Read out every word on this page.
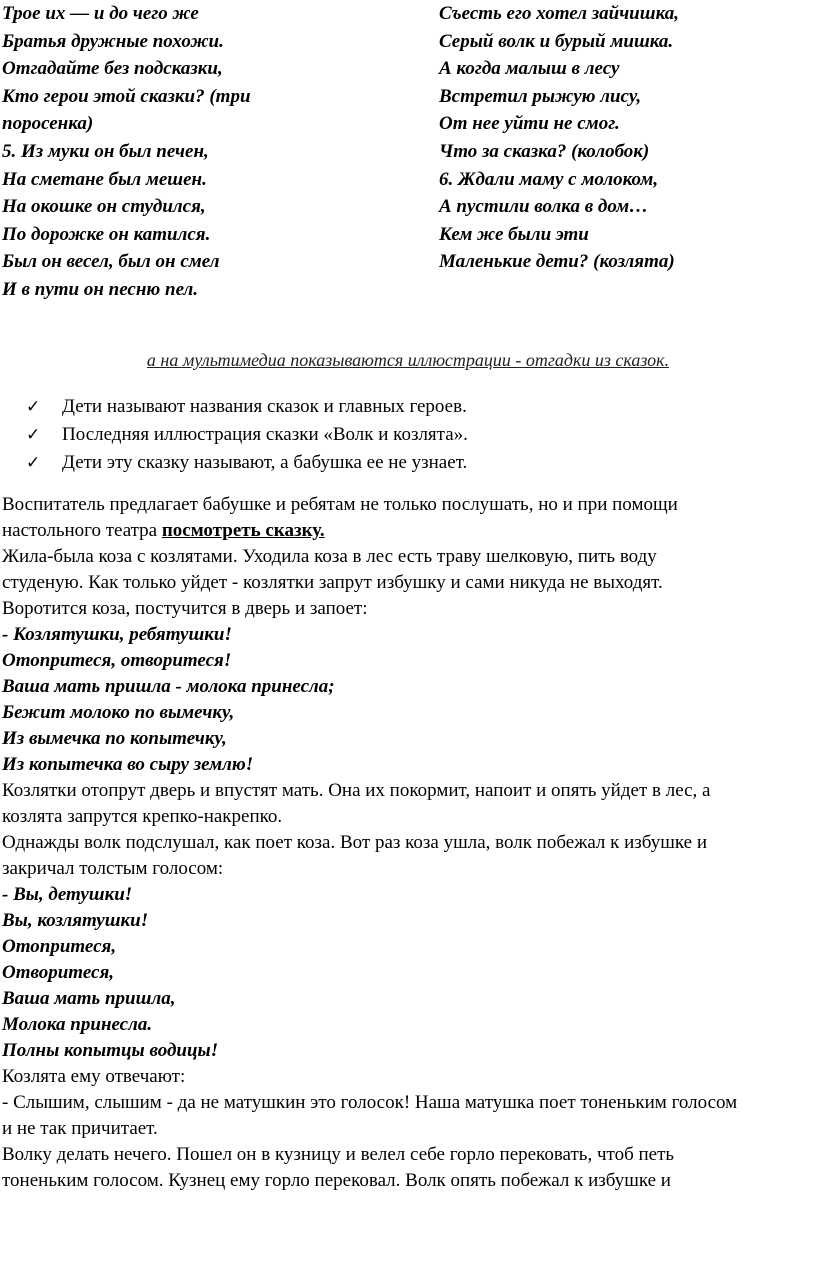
Трое их — и до чего же
Братья дружные похожи.
Отгадайте без подсказки,
Кто герои этой сказки? (три
поросенка)
5. Из муки он был печен,
На сметане был мешен.
На окошке он студился,
По дорожке он катился.
Был он весел, был он смел
И в пути он песню пел.
Съесть его хотел зайчишка,
Серый волк и бурый мишка.
А когда малыш в лесу
Встретил рыжую лису,
От нее уйти не смог.
Что за сказка? (колобок)
6. Ждали маму с молоком,
А пустили волка в дом…
Кем же были эти
Маленькие дети? (козлята)
а на мультимедиа показываются иллюстрации - отгадки из сказок.
✓	Дети называют названия сказок и главных героев.
✓	Последняя иллюстрация сказки «Волк и козлята».
✓	Дети эту сказку называют, а бабушка ее не узнает.
Воспитатель предлагает бабушке и ребятам не только послушать, но и при помощи
настольного театра посмотреть сказку.
Жила-была коза с козлятами. Уходила коза в лес есть траву шелковую, пить воду
студеную. Как только уйдет - козлятки запрут избушку и сами никуда не выходят.
Воротится коза, постучится в дверь и запоет:
- Козлятушки, ребятушки!
Отопритеся, отворитеся!
Ваша мать пришла - молока принесла;
Бежит молоко по вымечку,
Из вымечка по копытечку,
Из копытечка во сыру землю!
Козлятки отопрут дверь и впустят мать. Она их покормит, напоит и опять уйдет в лес, а
козлята запрутся крепко-накрепко.
Однажды волк подслушал, как поет коза. Вот раз коза ушла, волк побежал к избушке и
закричал толстым голосом:
- Вы, детушки!
Вы, козлятушки!
Отопритеся,
Отворитеся,
Ваша мать пришла,
Молока принесла.
Полны копытцы водицы!
Козлята ему отвечают:
- Слышим, слышим - да не матушкин это голосок! Наша матушка поет тоненьким голосом
и не так причитает.
Волку делать нечего. Пошел он в кузницу и велел себе горло перековать, чтоб петь
тоненьким голосом. Кузнец ему горло перековал. Волк опять побежал к избушке и
